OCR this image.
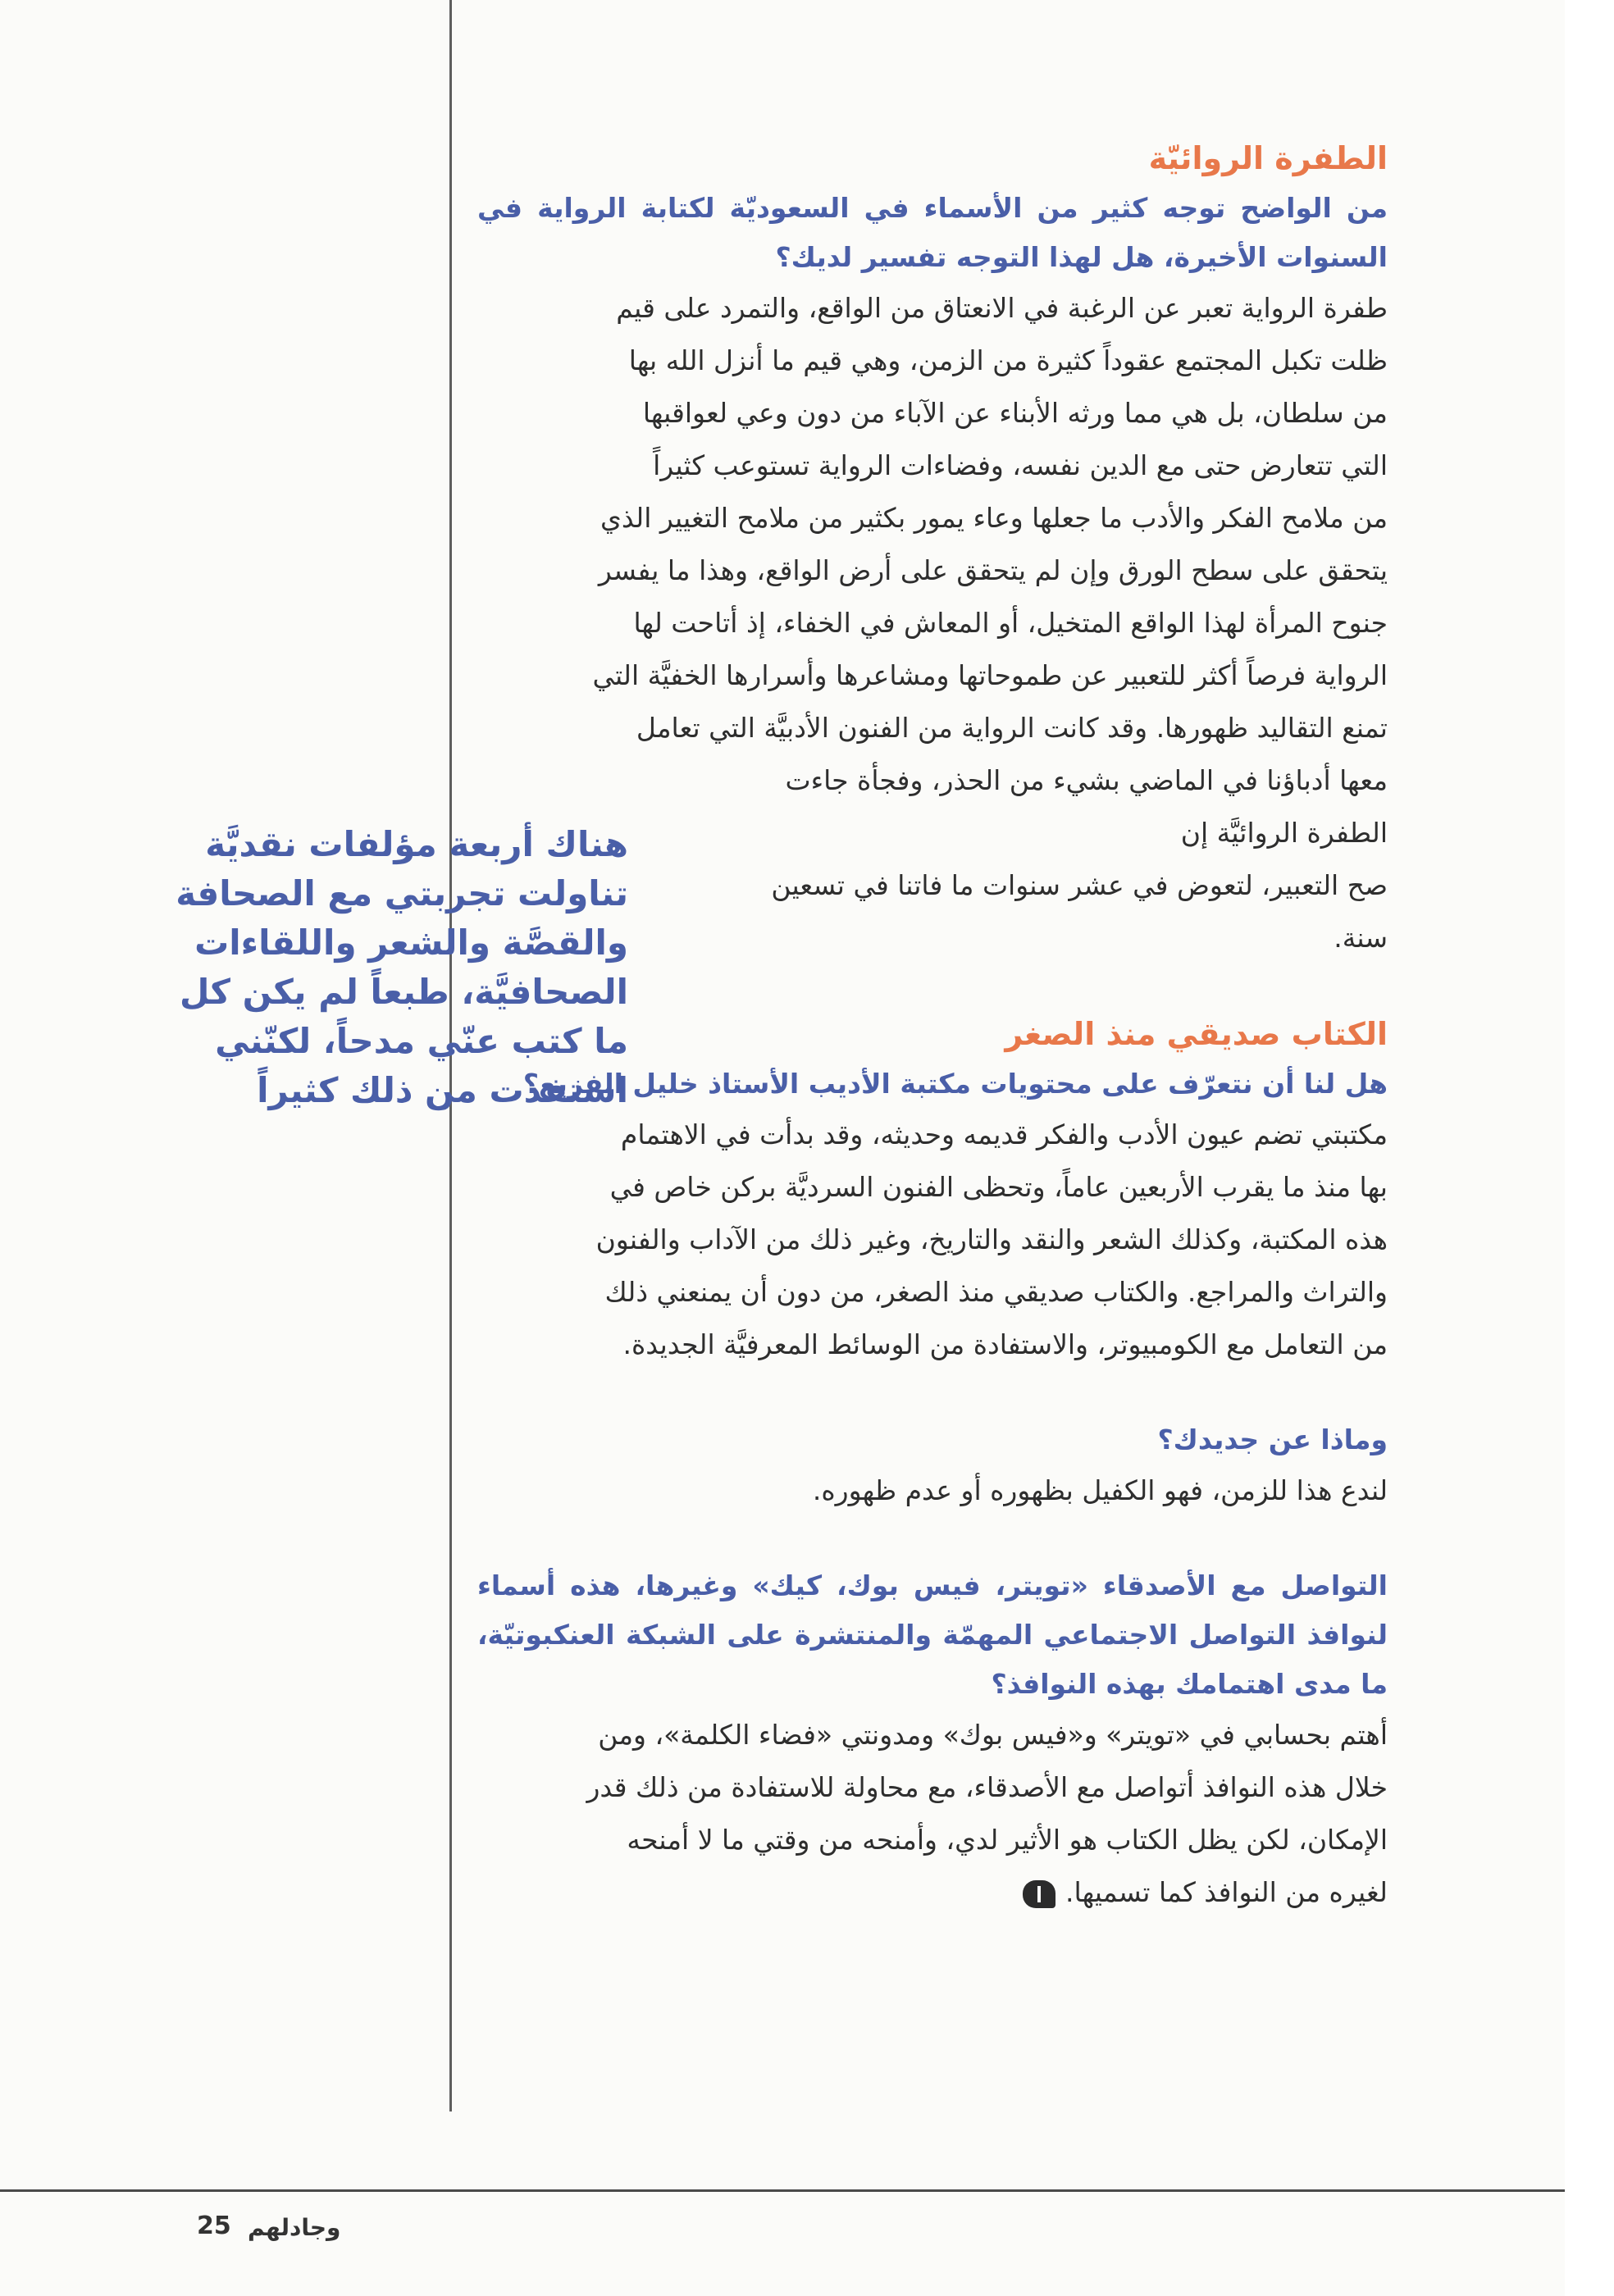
هناك أربعة مؤلفات نقديَّة
تناولت تجربتي مع الصحافة
والقصَّة والشعر واللقاءات
الصحافيَّة، طبعاً لم يكن كل
ما كتب عنّي مدحاً، لكنّني
استفدت من ذلك كثيراً
الطفرة الروائيّة

من الواضح توجه كثير من الأسماء في السعوديّة لكتابة الرواية في السنوات الأخيرة، هل لهذا التوجه تفسير لديك؟

طفرة الرواية تعبر عن الرغبة في الانعتاق من الواقع، والتمرد على قيم
ظلت تكبل المجتمع عقوداً كثيرة من الزمن، وهي قيم ما أنزل الله بها
من سلطان، بل هي مما ورثه الأبناء عن الآباء من دون وعي لعواقبها
التي تتعارض حتى مع الدين نفسه، وفضاءات الرواية تستوعب كثيراً
من ملامح الفكر والأدب ما جعلها وعاء يمور بكثير من ملامح التغيير الذي
يتحقق على سطح الورق وإن لم يتحقق على أرض الواقع، وهذا ما يفسر
جنوح المرأة لهذا الواقع المتخيل، أو المعاش في الخفاء، إذ أتاحت لها
الرواية فرصاً أكثر للتعبير عن طموحاتها ومشاعرها وأسرارها الخفيَّة التي
تمنع التقاليد ظهورها. وقد كانت الرواية من الفنون الأدبيَّة التي تعامل
معها أدباؤنا في الماضي بشيء من الحذر، وفجأة جاءت
الطفرة الروائيَّة إن
صح التعبير، لتعوض في عشر سنوات ما فاتنا في تسعين
سنة.

الكتاب صديقي منذ الصغر

هل لنا أن نتعرّف على محتويات مكتبة الأديب الأستاذ خليل الفزيع؟

مكتبتي تضم عيون الأدب والفكر قديمه وحديثه، وقد بدأت في الاهتمام
بها منذ ما يقرب الأربعين عاماً، وتحظى الفنون السرديَّة بركن خاص في
هذه المكتبة، وكذلك الشعر والنقد والتاريخ، وغير ذلك من الآداب والفنون
والتراث والمراجع. والكتاب صديقي منذ الصغر، من دون أن يمنعني ذلك
من التعامل مع الكومبيوتر، والاستفادة من الوسائط المعرفيَّة الجديدة.

وماذا عن جديدك؟

لندع هذا للزمن، فهو الكفيل بظهوره أو عدم ظهوره.

التواصل مع الأصدقاء «تويتر، فيس بوك، كيك» وغيرها، هذه أسماء لنوافذ التواصل الاجتماعي المهمّة والمنتشرة على الشبكة العنكبوتيّة، ما مدى اهتمامك بهذه النوافذ؟

أهتم بحسابي في «تويتر» و«فيس بوك» ومدونتي «فضاء الكلمة»، ومن
خلال هذه النوافذ أتواصل مع الأصدقاء، مع محاولة للاستفادة من ذلك قدر
الإمكان، لكن يظل الكتاب هو الأثير لدي، وأمنحه من وقتي ما لا أمنحه
لغيره من النوافذ كما تسميها.

25 وجادلهم
